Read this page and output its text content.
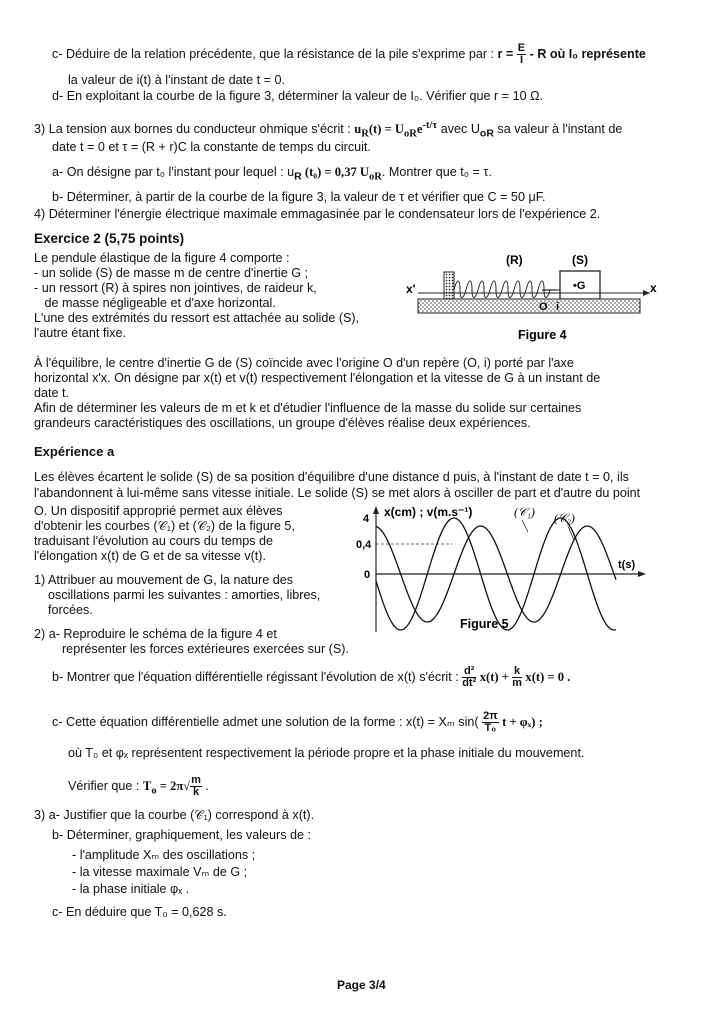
c- Déduire de la relation précédente, que la résistance de la pile s'exprime par : $r = \frac{E}{I} - R$ où I₀ représente
la valeur de i(t) à l'instant de date t = 0.
d- En exploitant la courbe de la figure 3, déterminer la valeur de I₀. Vérifier que r = 10 Ω.
3) La tension aux bornes du conducteur ohmique s'écrit : $u_R(t) = U_{oR}e^{-t/\tau}$ avec $U_{oR}$ sa valeur à l'instant de
date t = 0 et τ = (R + r)C la constante de temps du circuit.
a- On désigne par t₀ l'instant pour lequel : $u_R$ (t₀) = 0,37 $U_{oR}$. Montrer que t₀ = τ.
b- Déterminer, à partir de la courbe de la figure 3, la valeur de τ et vérifier que C = 50 μF.
4) Déterminer l'énergie électrique maximale emmagasinée par le condensateur lors de l'expérience 2.
Exercice 2 (5,75 points)
Le pendule élastique de la figure 4 comporte :
- un solide (S) de masse m de centre d'inertie G ;
- un ressort (R) à spires non jointives, de raideur k,
de masse négligeable et d'axe horizontal.
L'une des extrémités du ressort est attachée au solide (S),
l'autre étant fixe.
(R)	(S)
•G
x'	x
O i
Figure 4
À l'équilibre, le centre d'inertie G de (S) coïncide avec l'origine O d'un repère (O, i) porté par l'axe
horizontal x'x. On désigne par x(t) et v(t) respectivement l'élongation et la vitesse de G à un instant de
date t.
Afin de déterminer les valeurs de m et k et d'étudier l'influence de la masse du solide sur certaines
grandeurs caractéristiques des oscillations, un groupe d'élèves réalise deux expériences.
Expérience a
Les élèves écartent le solide (S) de sa position d'équilibre d'une distance d puis, à l'instant de date t = 0, ils
l'abandonnent à lui-même sans vitesse initiale. Le solide (S) se met alors à osciller de part et d'autre du point
O. Un dispositif approprié permet aux élèves
d'obtenir les courbes (𝒞₁) et (𝒞₂) de la figure 5,
traduisant l'évolution au cours du temps de
l'élongation x(t) de G et de sa vitesse v(t).
1) Attribuer au mouvement de G, la nature des
oscillations parmi les suivantes : amorties, libres,
forcées.
2) a- Reproduire le schéma de la figure 4 et
représenter les forces extérieures exercées sur (S).
x(cm) ; v(m.s⁻¹)
4
0,4
0
t(s)
(𝒞₁) (𝒞₂)
Figure 5
b- Montrer que l'équation différentielle régissant l'évolution de x(t) s'écrit : $\frac{\text{d²}}{\text{dt²}} x(t) + \frac{k}{m} x(t) = 0$ .
c- Cette équation différentielle admet une solution de la forme : x(t) = Xₘ $\sin( \frac{2\pi}{\text{T₀}}$ t + φₓ) ;
où T₀ et φₓ représentent respectivement la période propre et la phase initiale du mouvement.
Vérifier que : $T_o = 2\pi√ \frac{m}{k}$ .
3) a- Justifier que la courbe (𝒞₁) correspond à x(t).
b- Déterminer, graphiquement, les valeurs de :
- l'amplitude Xₘ des oscillations ;
- la vitesse maximale Vₘ de G ;
- la phase initiale φₓ .
c- En déduire que T₀ = 0,628 s.
Page 3/4
